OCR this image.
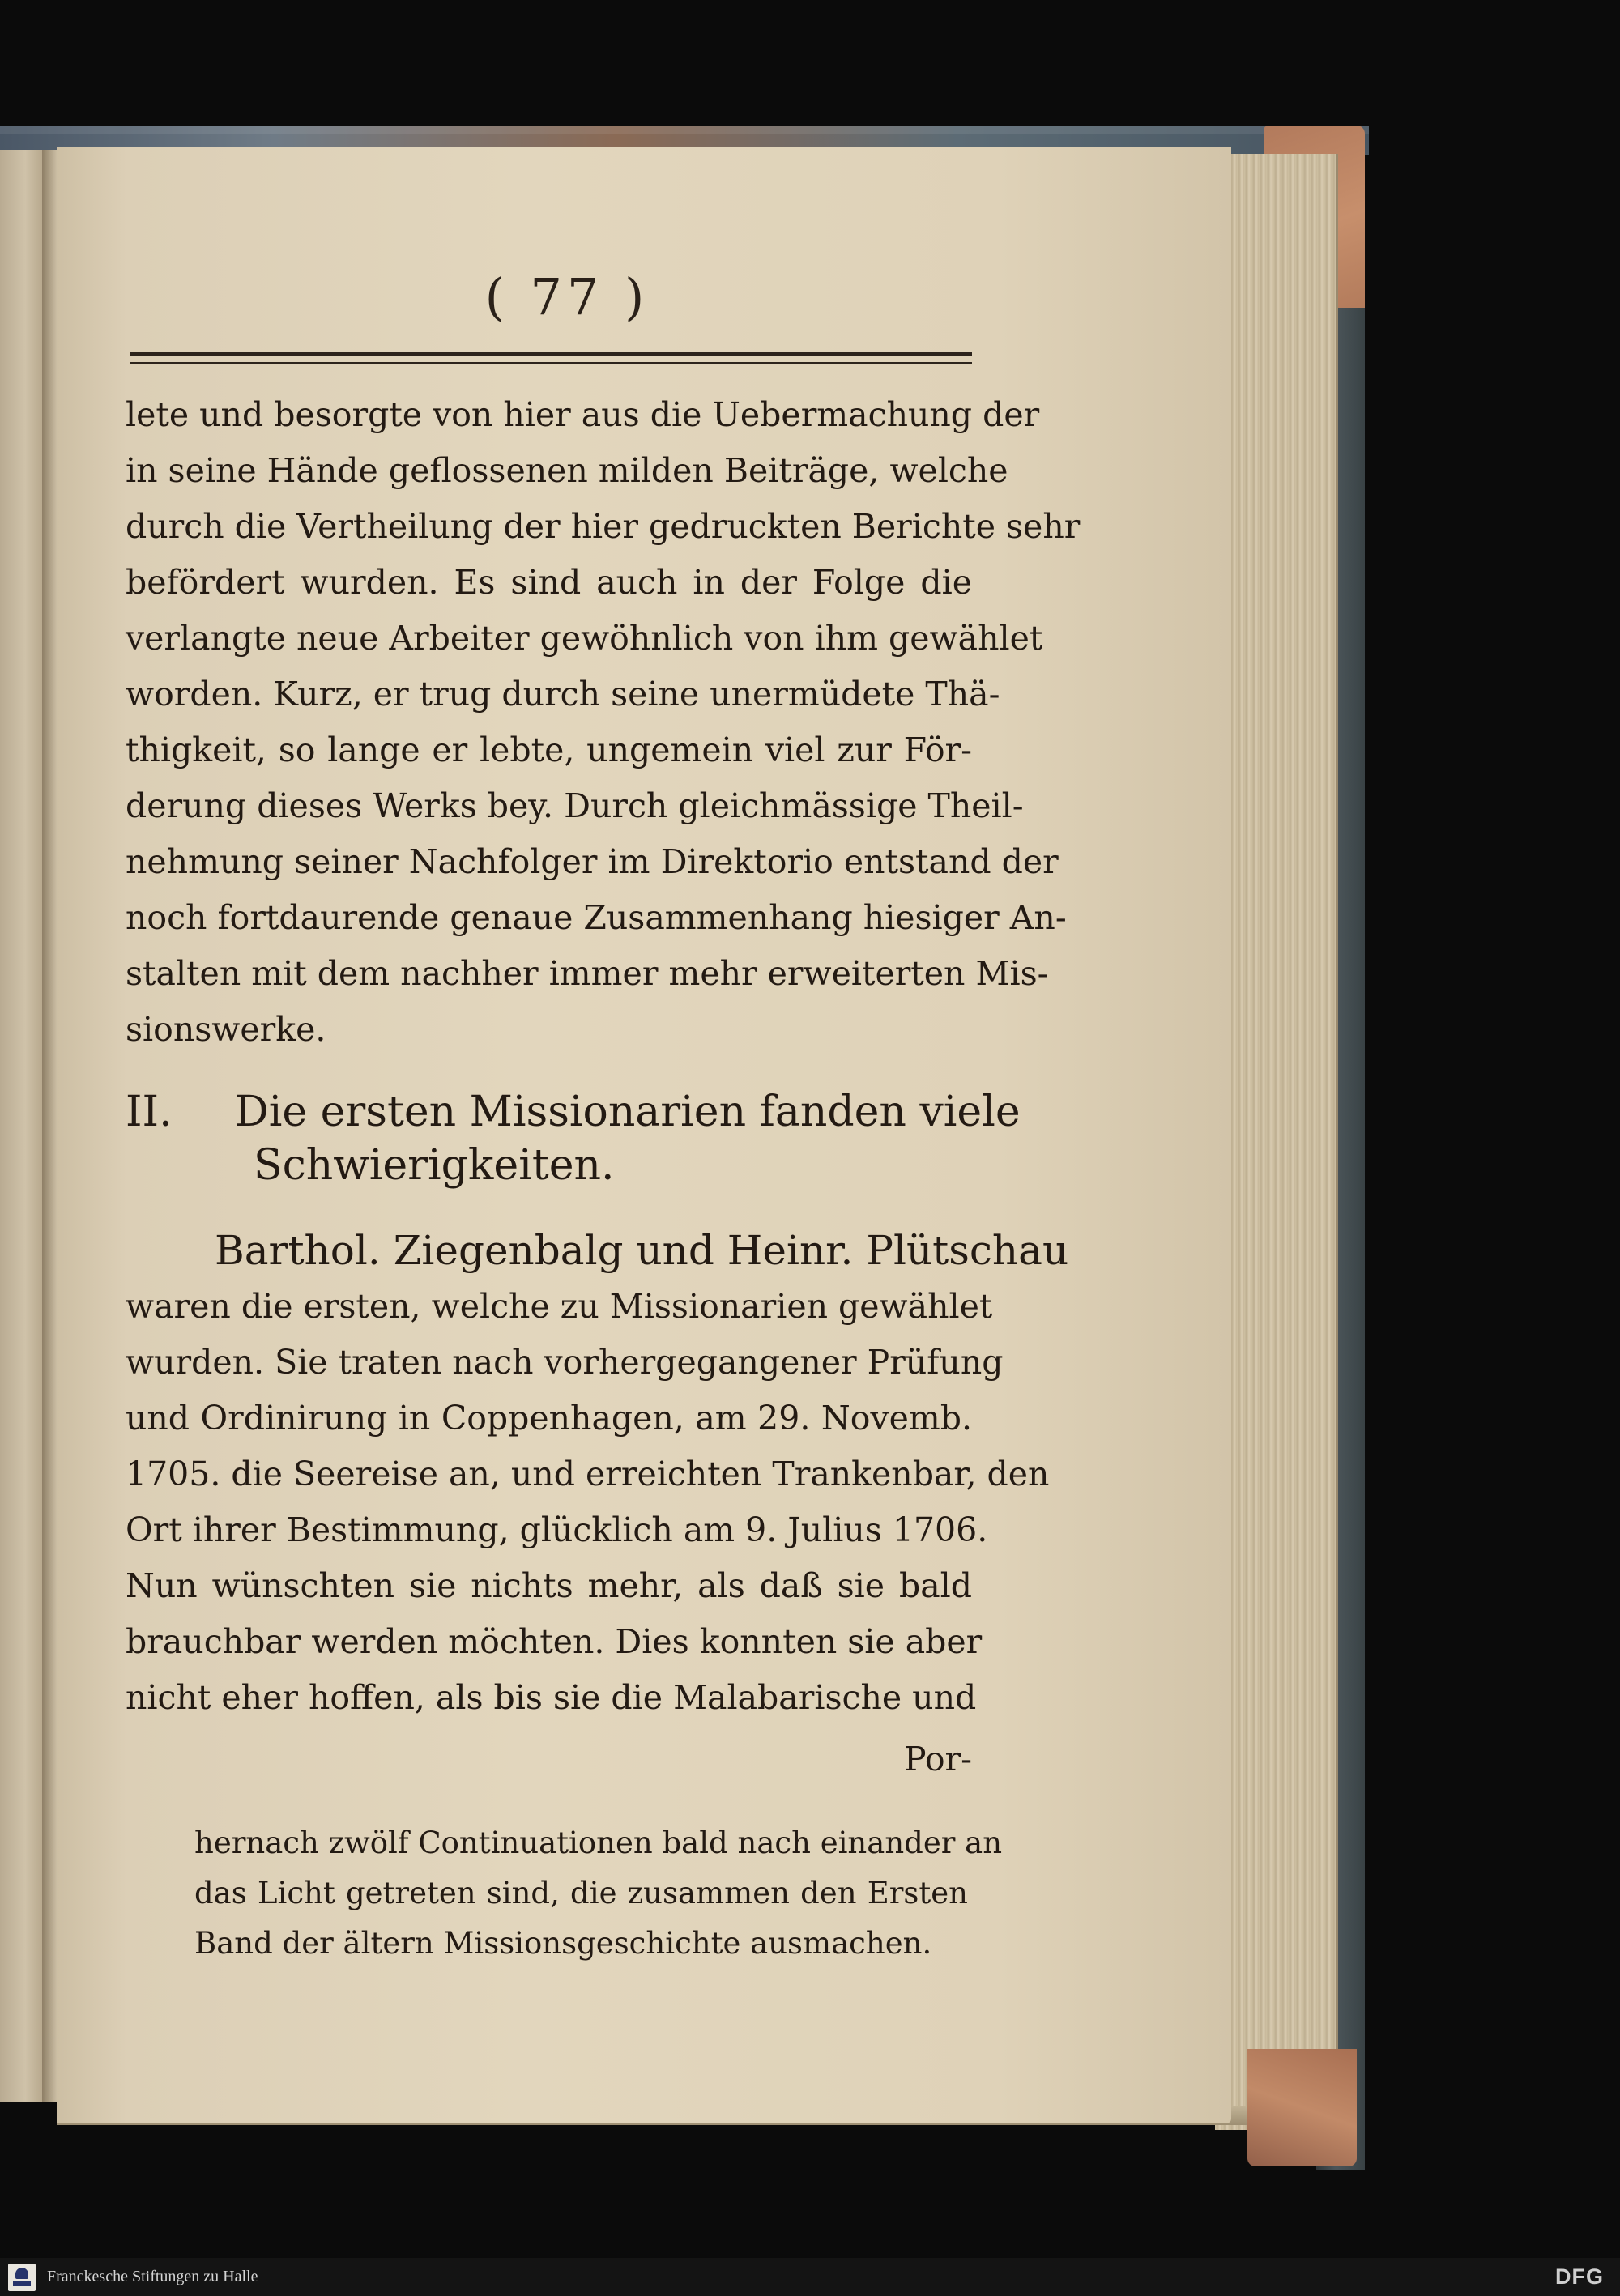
( 77 )
lete und besorgte von hier aus die Uebermachung der
in seine Hände geflossenen milden Beiträge, welche
durch die Vertheilung der hier gedruckten Berichte sehr
befördert wurden. Es sind auch in der Folge die
verlangte neue Arbeiter gewöhnlich von ihm gewählet
worden. Kurz, er trug durch seine unermüdete Thä-
thigkeit, so lange er lebte, ungemein viel zur För-
derung dieses Werks bey. Durch gleichmässige Theil-
nehmung seiner Nachfolger im Direktorio entstand der
noch fortdaurende genaue Zusammenhang hiesiger An-
stalten mit dem nachher immer mehr erweiterten Mis-
sionswerke.
II. Die ersten Missionarien fanden viele
Schwierigkeiten.
Barthol. Ziegenbalg und Heinr. Plütschau
waren die ersten, welche zu Missionarien gewählet
wurden. Sie traten nach vorhergegangener Prüfung
und Ordinirung in Coppenhagen, am 29. Novemb.
1705. die Seereise an, und erreichten Trankenbar, den
Ort ihrer Bestimmung, glücklich am 9. Julius 1706.
Nun wünschten sie nichts mehr, als daß sie bald
brauchbar werden möchten. Dies konnten sie aber
nicht eher hoffen, als bis sie die Malabarische und
Por-
hernach zwölf Continuationen bald nach einander an
das Licht getreten sind, die zusammen den Ersten
Band der ältern Missionsgeschichte ausmachen.
Franckesche Stiftungen zu Halle	DFG
